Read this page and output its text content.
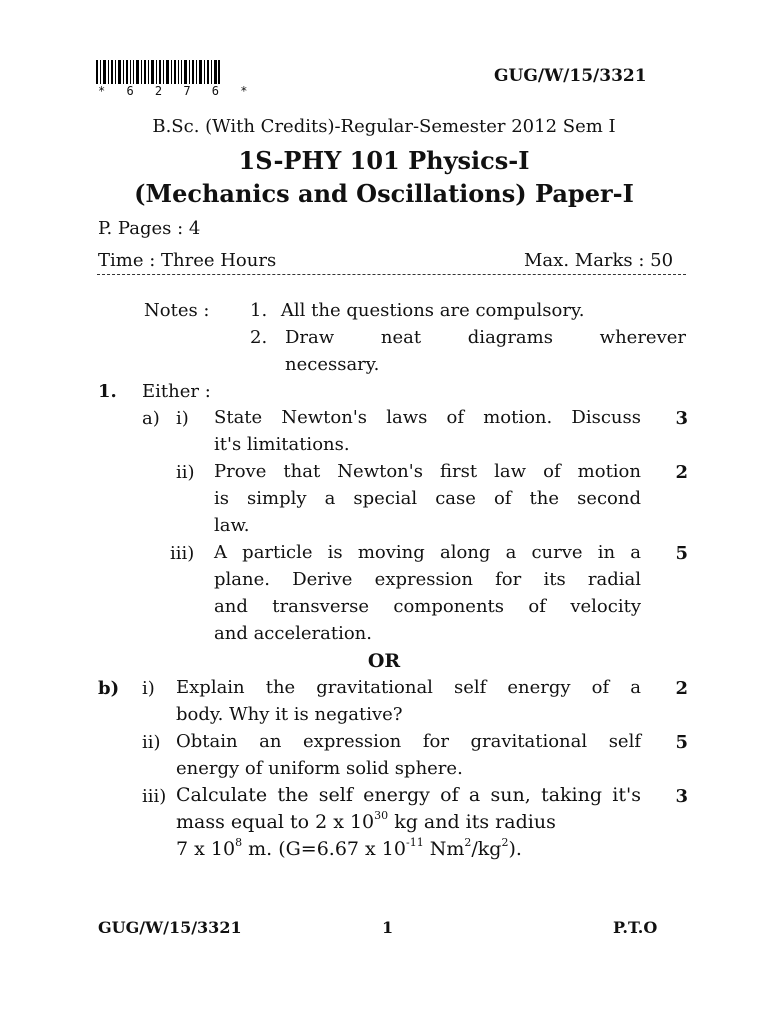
* 6 2 7 6 *
GUG/W/15/3321
B.Sc. (With Credits)-Regular-Semester 2012 Sem I
1S-PHY 101 Physics-I
(Mechanics and Oscillations) Paper-I
P. Pages : 4
Time : Three Hours	Max. Marks : 50
Notes : 1. All the questions are compulsory.
2. Draw neat diagrams wherever
necessary.
1. Either :
a) i) State Newton's laws of motion. Discuss
it's limitations.
3
ii) Prove that Newton's first law of motion
is simply a special case of the second
law.
2
iii) A particle is moving along a curve in a
plane. Derive expression for its radial
and transverse components of velocity
and acceleration.
5
OR
b) i) Explain the gravitational self energy of a
body. Why it is negative?
2
ii) Obtain an expression for gravitational self
energy of uniform solid sphere.
5
iii) Calculate the self energy of a sun, taking it's
mass equal to 2 x $10^{30}$ kg and its radius
7 x $10^8$ m. (G=6.67 x $10^{-11}$ $Nm^2/kg^2$).
3
GUG/W/15/3321	1	P.T.O
